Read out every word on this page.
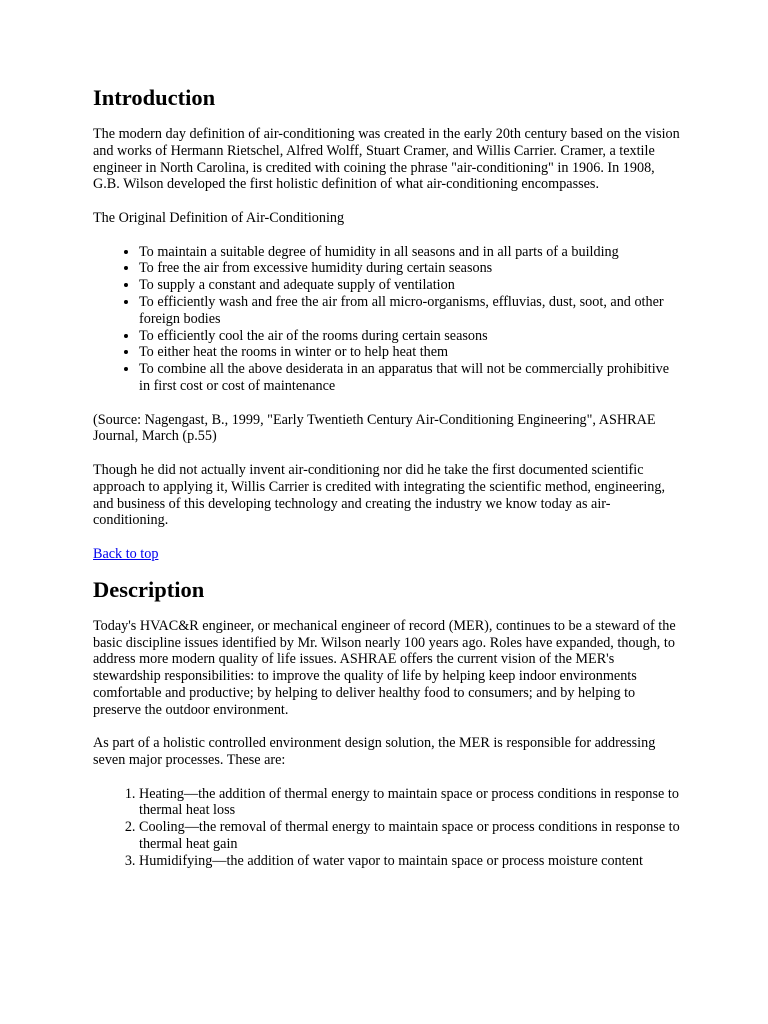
Introduction

The modern day definition of air-conditioning was created in the early 20th century based on the vision and works of Hermann Rietschel, Alfred Wolff, Stuart Cramer, and Willis Carrier. Cramer, a textile engineer in North Carolina, is credited with coining the phrase "air-conditioning" in 1906. In 1908, G.B. Wilson developed the first holistic definition of what air-conditioning encompasses.

The Original Definition of Air-Conditioning

• To maintain a suitable degree of humidity in all seasons and in all parts of a building
• To free the air from excessive humidity during certain seasons
• To supply a constant and adequate supply of ventilation
• To efficiently wash and free the air from all micro-organisms, effluvias, dust, soot, and other foreign bodies
• To efficiently cool the air of the rooms during certain seasons
• To either heat the rooms in winter or to help heat them
• To combine all the above desiderata in an apparatus that will not be commercially prohibitive in first cost or cost of maintenance

(Source: Nagengast, B., 1999, "Early Twentieth Century Air-Conditioning Engineering", ASHRAE Journal, March (p.55)

Though he did not actually invent air-conditioning nor did he take the first documented scientific approach to applying it, Willis Carrier is credited with integrating the scientific method, engineering, and business of this developing technology and creating the industry we know today as air-conditioning.

Back to top

Description

Today's HVAC&R engineer, or mechanical engineer of record (MER), continues to be a steward of the basic discipline issues identified by Mr. Wilson nearly 100 years ago. Roles have expanded, though, to address more modern quality of life issues. ASHRAE offers the current vision of the MER's stewardship responsibilities: to improve the quality of life by helping keep indoor environments comfortable and productive; by helping to deliver healthy food to consumers; and by helping to preserve the outdoor environment.

As part of a holistic controlled environment design solution, the MER is responsible for addressing seven major processes. These are:

1. Heating—the addition of thermal energy to maintain space or process conditions in response to thermal heat loss
2. Cooling—the removal of thermal energy to maintain space or process conditions in response to thermal heat gain
3. Humidifying—the addition of water vapor to maintain space or process moisture content
